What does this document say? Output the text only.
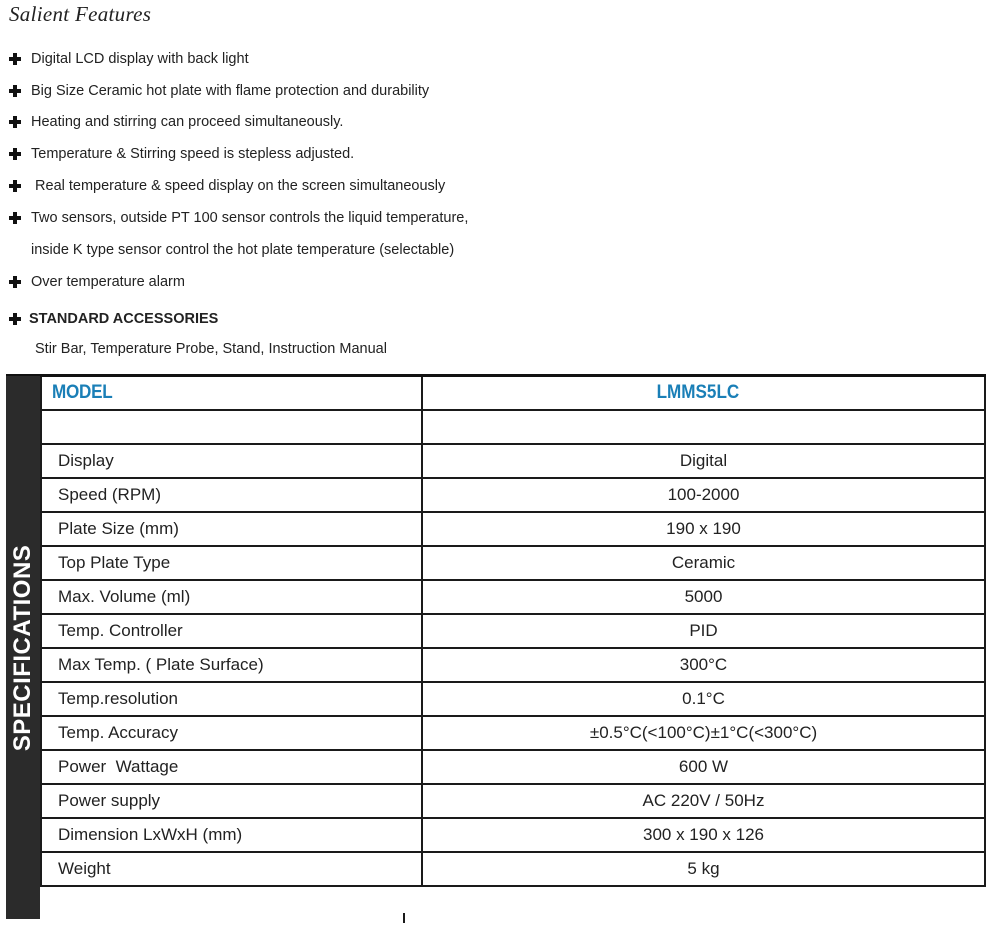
Salient Features
Digital LCD display with back light
Big Size Ceramic hot plate with flame protection and durability
Heating and stirring can proceed simultaneously.
Temperature & Stirring speed is stepless adjusted.
Real temperature & speed display on the screen simultaneously
Two sensors, outside PT 100 sensor controls the liquid temperature,
inside K type sensor control the hot plate temperature (selectable)
Over temperature alarm
STANDARD ACCESSORIES
Stir Bar, Temperature Probe, Stand, Instruction Manual
SPECIFICATIONS
MODEL	LMMS5LC

Display	Digital
Speed (RPM)	100-2000
Plate Size (mm)	190 x 190
Top Plate Type	Ceramic
Max. Volume (ml)	5000
Temp. Controller	PID
Max Temp. ( Plate Surface)	300°C
Temp.resolution	0.1°C
Temp. Accuracy	±0.5°C(<100°C)±1°C(<300°C)
Power  Wattage	600 W
Power supply	AC 220V / 50Hz
Dimension LxWxH (mm)	300 x 190 x 126
Weight	5 kg
